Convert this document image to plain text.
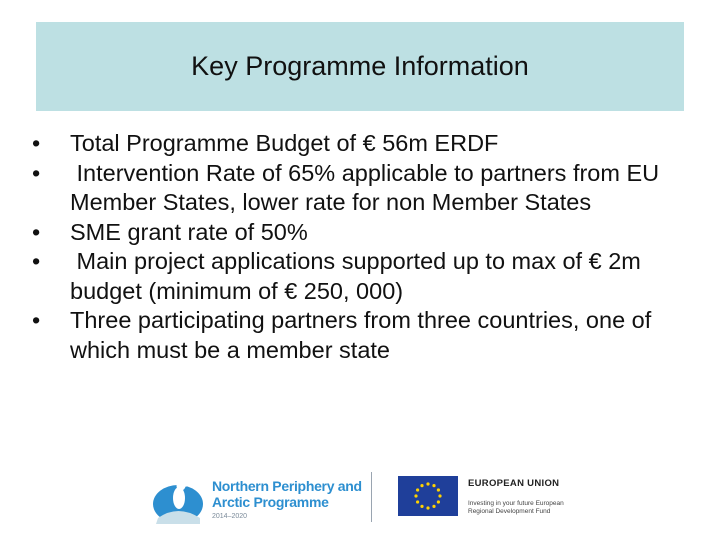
Key Programme Information
• Total Programme Budget of € 56m ERDF
• Intervention Rate of 65% applicable to partners from EU Member States, lower rate for non Member States
• SME grant rate of 50%
• Main project applications supported up to max of € 2m budget (minimum of € 250, 000)
• Three participating partners from three countries, one of which must be a member state
Northern Periphery and Arctic Programme
2014–2020
EUROPEAN UNION
Investing in your future European Regional Development Fund
